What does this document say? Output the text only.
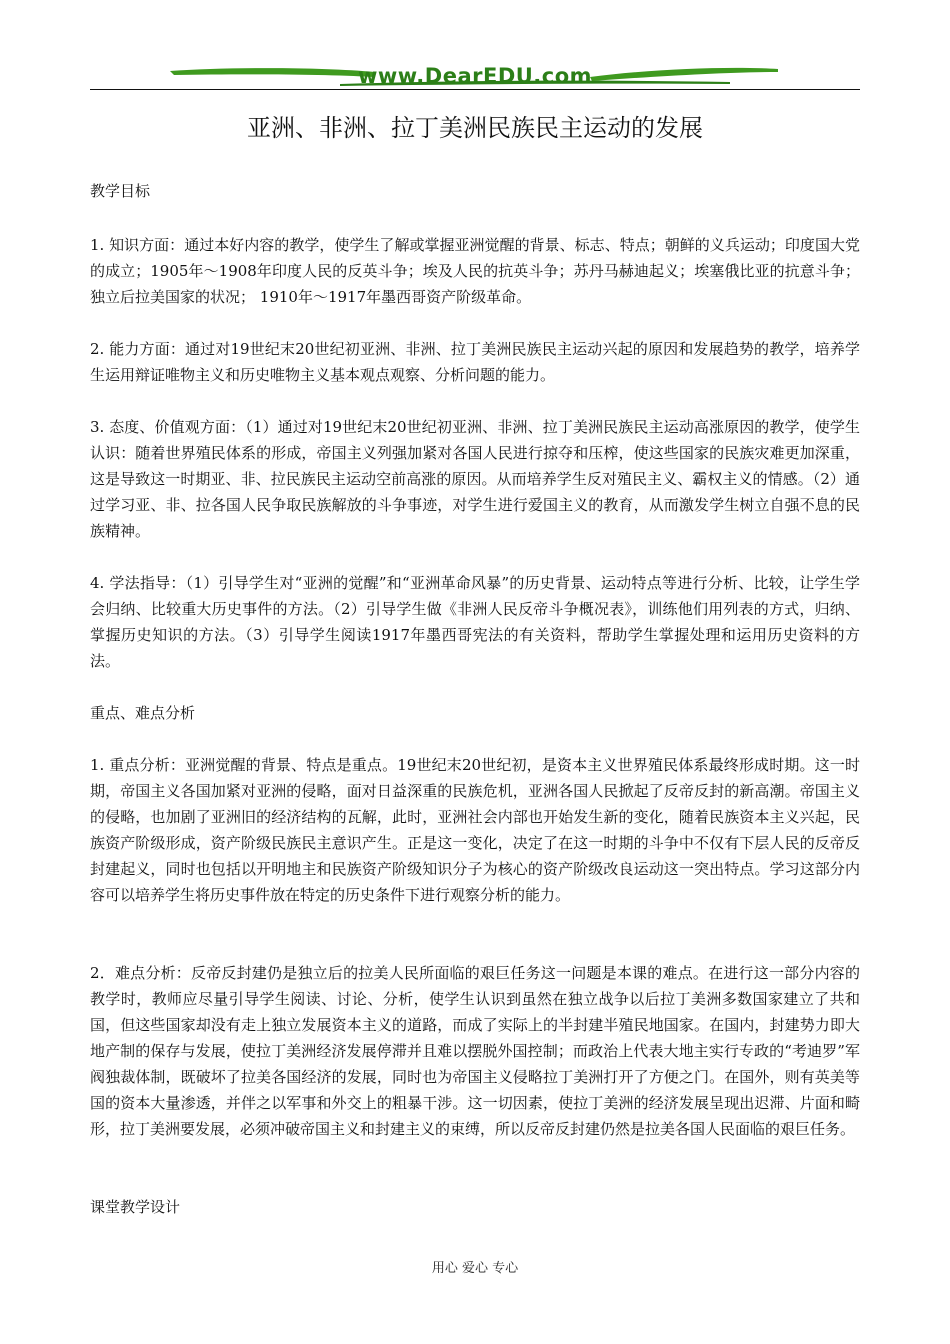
www.DearEDU.com
亚洲、非洲、拉丁美洲民族民主运动的发展
教学目标

1. 知识方面：通过本好内容的教学，使学生了解或掌握亚洲觉醒的背景、标志、特点；朝鲜的义兵运动；印度国大党的成立；1905年～1908年印度人民的反英斗争；埃及人民的抗英斗争；苏丹马赫迪起义；埃塞俄比亚的抗意斗争； 独立后拉美国家的状况； 1910年～1917年墨西哥资产阶级革命。

2. 能力方面：通过对19世纪末20世纪初亚洲、非洲、拉丁美洲民族民主运动兴起的原因和发展趋势的教学，培养学生运用辩证唯物主义和历史唯物主义基本观点观察、分析问题的能力。

3. 态度、价值观方面：（1）通过对19世纪末20世纪初亚洲、非洲、拉丁美洲民族民主运动高涨原因的教学，使学生认识：随着世界殖民体系的形成，帝国主义列强加紧对各国人民进行掠夺和压榨，使这些国家的民族灾难更加深重，这是导致这一时期亚、非、拉民族民主运动空前高涨的原因。从而培养学生反对殖民主义、霸权主义的情感。（2）通过学习亚、非、拉各国人民争取民族解放的斗争事迹，对学生进行爱国主义的教育，从而激发学生树立自强不息的民族精神。

4. 学法指导：（1）引导学生对“亚洲的觉醒”和“亚洲革命风暴”的历史背景、运动特点等进行分析、比较，让学生学会归纳、比较重大历史事件的方法。（2）引导学生做《非洲人民反帝斗争概况表》，训练他们用列表的方式，归纳、掌握历史知识的方法。（3）引导学生阅读1917年墨西哥宪法的有关资料，帮助学生掌握处理和运用历史资料的方法。

重点、难点分析

1. 重点分析：亚洲觉醒的背景、特点是重点。19世纪末20世纪初，是资本主义世界殖民体系最终形成时期。这一时期，帝国主义各国加紧对亚洲的侵略，面对日益深重的民族危机，亚洲各国人民掀起了反帝反封的新高潮。帝国主义的侵略，也加剧了亚洲旧的经济结构的瓦解，此时，亚洲社会内部也开始发生新的变化，随着民族资本主义兴起，民族资产阶级形成，资产阶级民族民主意识产生。正是这一变化，决定了在这一时期的斗争中不仅有下层人民的反帝反封建起义，同时也包括以开明地主和民族资产阶级知识分子为核心的资产阶级改良运动这一突出特点。学习这部分内容可以培养学生将历史事件放在特定的历史条件下进行观察分析的能力。

2．难点分析：反帝反封建仍是独立后的拉美人民所面临的艰巨任务这一问题是本课的难点。在进行这一部分内容的教学时，教师应尽量引导学生阅读、讨论、分析，使学生认识到虽然在独立战争以后拉丁美洲多数国家建立了共和国，但这些国家却没有走上独立发展资本主义的道路，而成了实际上的半封建半殖民地国家。在国内，封建势力即大地产制的保存与发展，使拉丁美洲经济发展停滞并且难以摆脱外国控制；而政治上代表大地主实行专政的“考迪罗”军阀独裁体制，既破坏了拉美各国经济的发展，同时也为帝国主义侵略拉丁美洲打开了方便之门。在国外，则有英美等国的资本大量渗透，并伴之以军事和外交上的粗暴干涉。这一切因素，使拉丁美洲的经济发展呈现出迟滞、片面和畸形，拉丁美洲要发展，必须冲破帝国主义和封建主义的束缚，所以反帝反封建仍然是拉美各国人民面临的艰巨任务。

课堂教学设计
用心 爱心 专心
